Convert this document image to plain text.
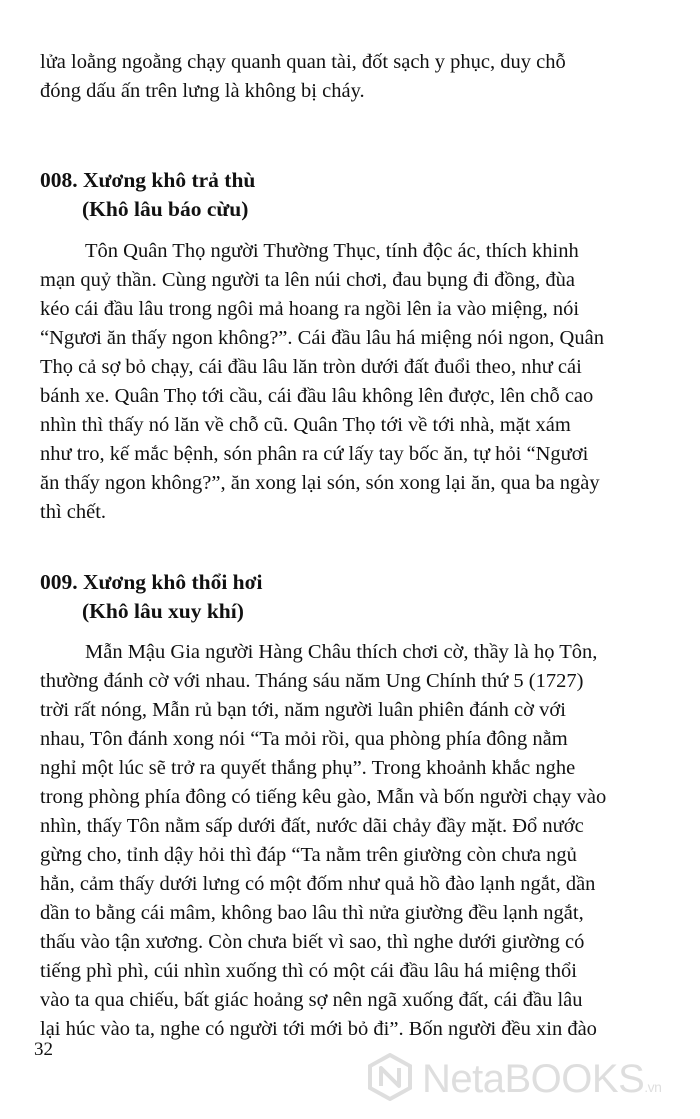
lửa loằng ngoằng chạy quanh quan tài, đốt sạch y phục, duy chỗ
đóng dấu ấn trên lưng là không bị cháy.
008. Xương khô trả thù
(Khô lâu báo cừu)
Tôn Quân Thọ người Thường Thục, tính độc ác, thích khinh
mạn quỷ thần. Cùng người ta lên núi chơi, đau bụng đi đồng, đùa
kéo cái đầu lâu trong ngôi mả hoang ra ngồi lên ỉa vào miệng, nói
“Ngươi ăn thấy ngon không?”. Cái đầu lâu há miệng nói ngon, Quân
Thọ cả sợ bỏ chạy, cái đầu lâu lăn tròn dưới đất đuổi theo, như cái
bánh xe. Quân Thọ tới cầu, cái đầu lâu không lên được, lên chỗ cao
nhìn thì thấy nó lăn về chỗ cũ. Quân Thọ tới về tới nhà, mặt xám
như tro, kế mắc bệnh, són phân ra cứ lấy tay bốc ăn, tự hỏi “Ngươi
ăn thấy ngon không?”, ăn xong lại són, són xong lại ăn, qua ba ngày
thì chết.
009. Xương khô thổi hơi
(Khô lâu xuy khí)
Mẫn Mậu Gia người Hàng Châu thích chơi cờ, thầy là họ Tôn,
thường đánh cờ với nhau. Tháng sáu năm Ung Chính thứ 5 (1727)
trời rất nóng, Mẫn rủ bạn tới, năm người luân phiên đánh cờ với
nhau, Tôn đánh xong nói “Ta mỏi rồi, qua phòng phía đông nằm
nghỉ một lúc sẽ trở ra quyết thắng phụ”. Trong khoảnh khắc nghe
trong phòng phía đông có tiếng kêu gào, Mẫn và bốn người chạy vào
nhìn, thấy Tôn nằm sấp dưới đất, nước dãi chảy đầy mặt. Đổ nước
gừng cho, tỉnh dậy hỏi thì đáp “Ta nằm trên giường còn chưa ngủ
hẳn, cảm thấy dưới lưng có một đốm như quả hồ đào lạnh ngắt, dần
dần to bằng cái mâm, không bao lâu thì nửa giường đều lạnh ngắt,
thấu vào tận xương. Còn chưa biết vì sao, thì nghe dưới giường có
tiếng phì phì, cúi nhìn xuống thì có một cái đầu lâu há miệng thổi
vào ta qua chiếu, bất giác hoảng sợ nên ngã xuống đất, cái đầu lâu
lại húc vào ta, nghe có người tới mới bỏ đi”. Bốn người đều xin đào
32
NetaBOOKS.vn
